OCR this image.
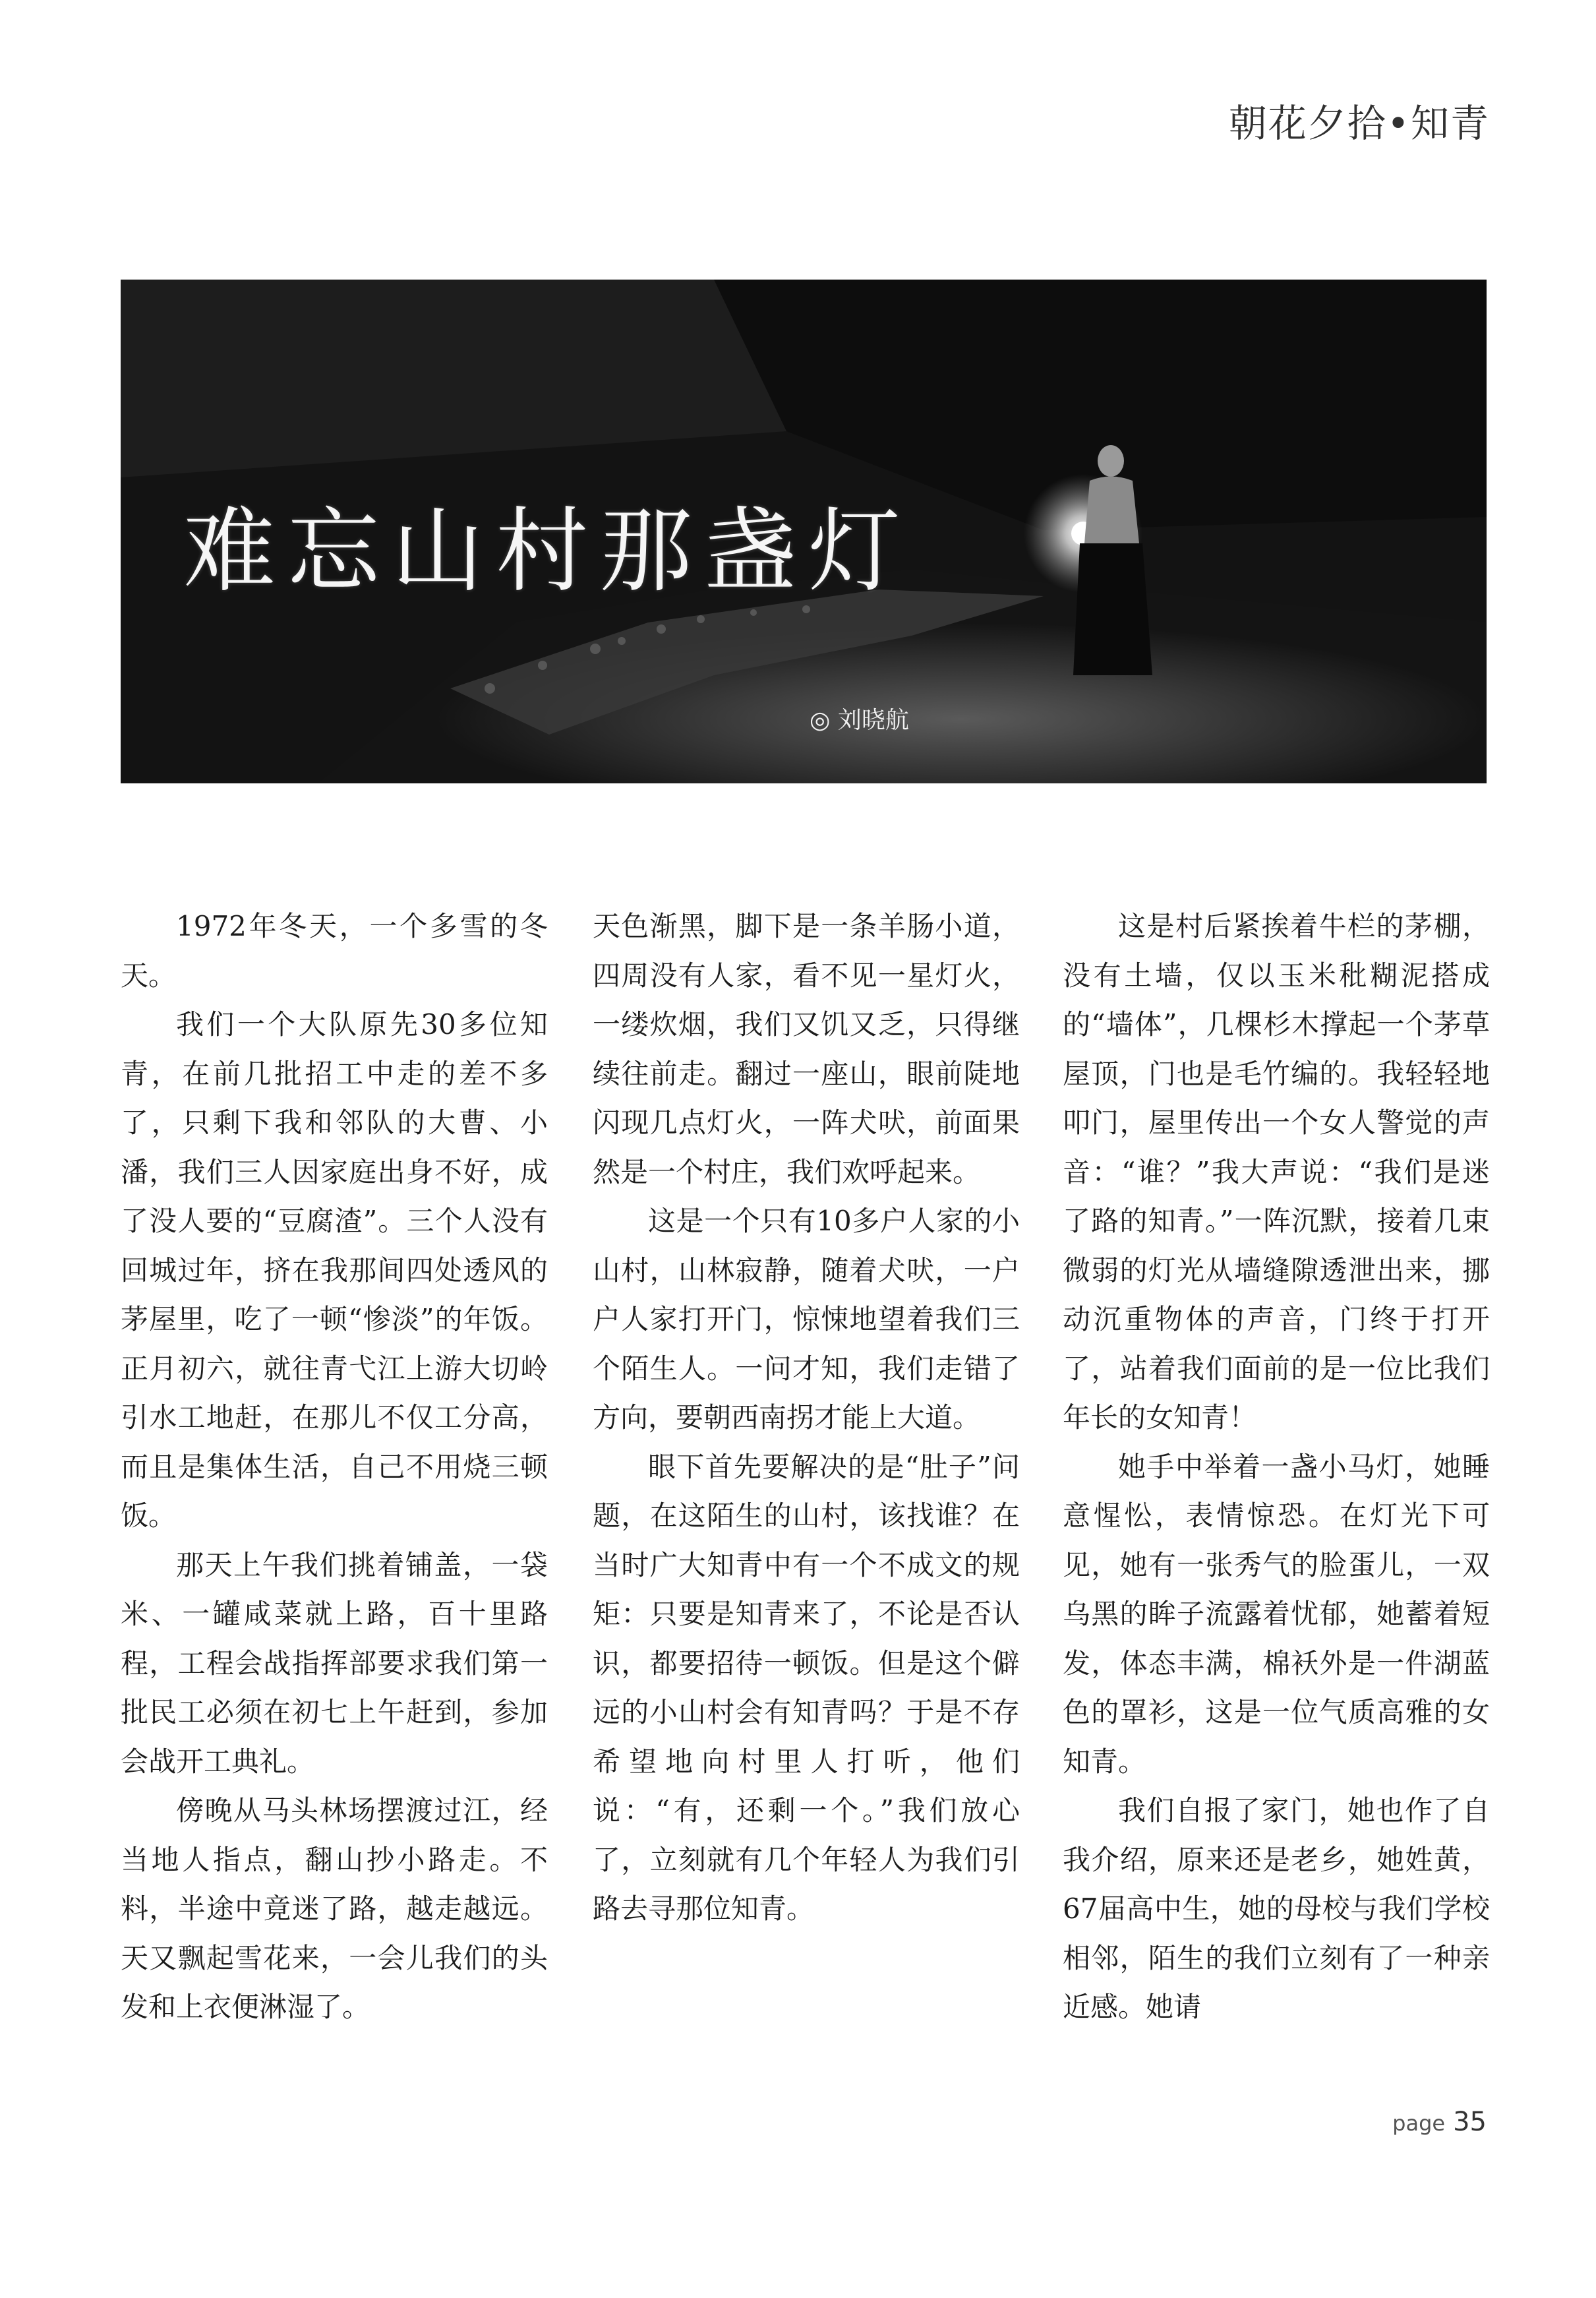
朝花夕拾•知青
难忘山村那盏灯
◎ 刘晓航

1972年冬天，一个多雪的冬天。

我们一个大队原先30多位知青，在前几批招工中走的差不多了，只剩下我和邻队的大曹、小潘，我们三人因家庭出身不好，成了没人要的“豆腐渣”。三个人没有回城过年，挤在我那间四处透风的茅屋里，吃了一顿“惨淡”的年饭。正月初六，就往青弋江上游大切岭引水工地赶，在那儿不仅工分高，而且是集体生活，自己不用烧三顿饭。

那天上午我们挑着铺盖，一袋米、一罐咸菜就上路，百十里路程，工程会战指挥部要求我们第一批民工必须在初七上午赶到，参加会战开工典礼。

傍晚从马头林场摆渡过江，经当地人指点，翻山抄小路走。不料，半途中竟迷了路，越走越远。天又飘起雪花来，一会儿我们的头发和上衣便淋湿了。

天色渐黑，脚下是一条羊肠小道，四周没有人家，看不见一星灯火，一缕炊烟，我们又饥又乏，只得继续往前走。翻过一座山，眼前陡地闪现几点灯火，一阵犬吠，前面果然是一个村庄，我们欢呼起来。

这是一个只有10多户人家的小山村，山林寂静，随着犬吠，一户户人家打开门，惊悚地望着我们三个陌生人。一问才知，我们走错了方向，要朝西南拐才能上大道。

眼下首先要解决的是“肚子”问题，在这陌生的山村，该找谁？在当时广大知青中有一个不成文的规矩：只要是知青来了，不论是否认识，都要招待一顿饭。但是这个僻远的小山村会有知青吗？于是不存希望地向村里人打听，他们说：“有，还剩一个。”我们放心了，立刻就有几个年轻人为我们引路去寻那位知青。

这是村后紧挨着牛栏的茅棚，没有土墙，仅以玉米秕糊泥搭成的“墙体”，几棵杉木撑起一个茅草屋顶，门也是毛竹编的。我轻轻地叩门，屋里传出一个女人警觉的声音：“谁？”我大声说：“我们是迷了路的知青。”一阵沉默，接着几束微弱的灯光从墙缝隙透泄出来，挪动沉重物体的声音，门终于打开了，站着我们面前的是一位比我们年长的女知青！

她手中举着一盏小马灯，她睡意惺忪，表情惊恐。在灯光下可见，她有一张秀气的脸蛋儿，一双乌黑的眸子流露着忧郁，她蓄着短发，体态丰满，棉袄外是一件湖蓝色的罩衫，这是一位气质高雅的女知青。

我们自报了家门，她也作了自我介绍，原来还是老乡，她姓黄，67届高中生，她的母校与我们学校相邻，陌生的我们立刻有了一种亲近感。她请

page 35
